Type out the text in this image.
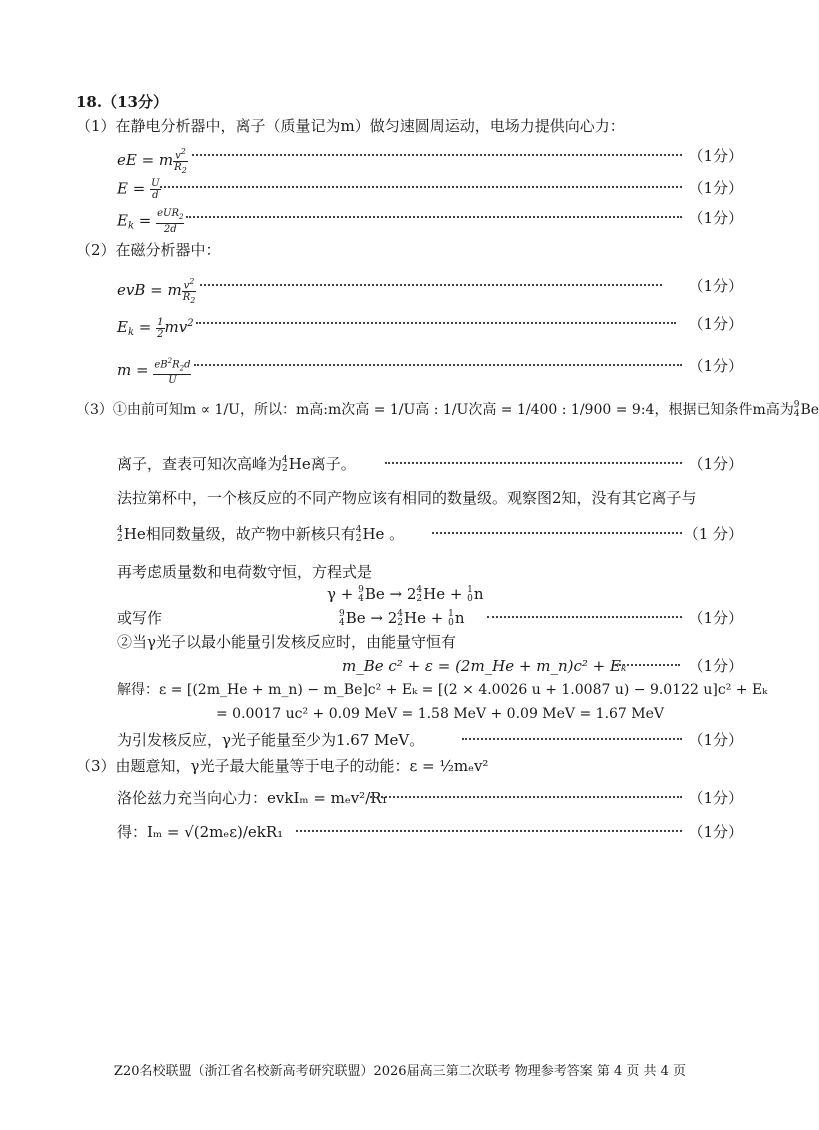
18.（13分）
（1）在静电分析器中，离子（质量记为m）做匀速圆周运动，电场力提供向心力：
eE = m $\frac{v^2}{R_2}$	（1分）
$E = \frac{U}{d}$	（1分）
$E_k = \frac{eUR_2}{2d}$	（1分）
（2）在磁分析器中：
evB = m $\frac{v^2}{R_2}$	（1分）
$E_k = \frac{1}{2} mv^2$	（1分）
$m = \frac{eB^2R_2d}{U}$	（1分）
（3）①由前可知m ∝ 1/U，所以：m高:m次高 = 1/U高 : 1/U次高 = 1/400 : 1/900 = 9:4，根据已知条件m高为 9
4 Be
离子，查表可知次高峰为 4
2 He离子。	（1分）
法拉第杯中，一个核反应的不同产物应该有相同的数量级。观察图2知，没有其它离子与
4
2 He相同数量级，故产物中新核只有 4
2 He 。	（1 分）
再考虑质量数和电荷数守恒，方程式是
γ + 9
4 Be → 2 4
2 He + 1
0 n
或写作	9
4 Be → 2 4
2 He + 1
0 n	（1分）
②当γ光子以最小能量引发核反应时，由能量守恒有
m_Be c² + ε = (2m_He + m_n)c² + Eₖ	（1分）
解得：ε = [(2m_He + m_n) − m_Be]c² + Eₖ = [(2 × 4.0026 u + 1.0087 u) − 9.0122 u]c² + Eₖ
= 0.0017 uc² + 0.09 MeV = 1.58 MeV + 0.09 MeV = 1.67 MeV
为引发核反应，γ光子能量至少为1.67 MeV。	（1分）
（3）由题意知，γ光子最大能量等于电子的动能：ε = ½mₑv²
洛伦兹力充当向心力：evkIₘ = mₑv²/R₁	（1分）
得：Iₘ = √(2mₑε)/ekR₁	（1分）
Z20名校联盟（浙江省名校新高考研究联盟）2026届高三第二次联考 物理参考答案 第 4 页 共 4 页
